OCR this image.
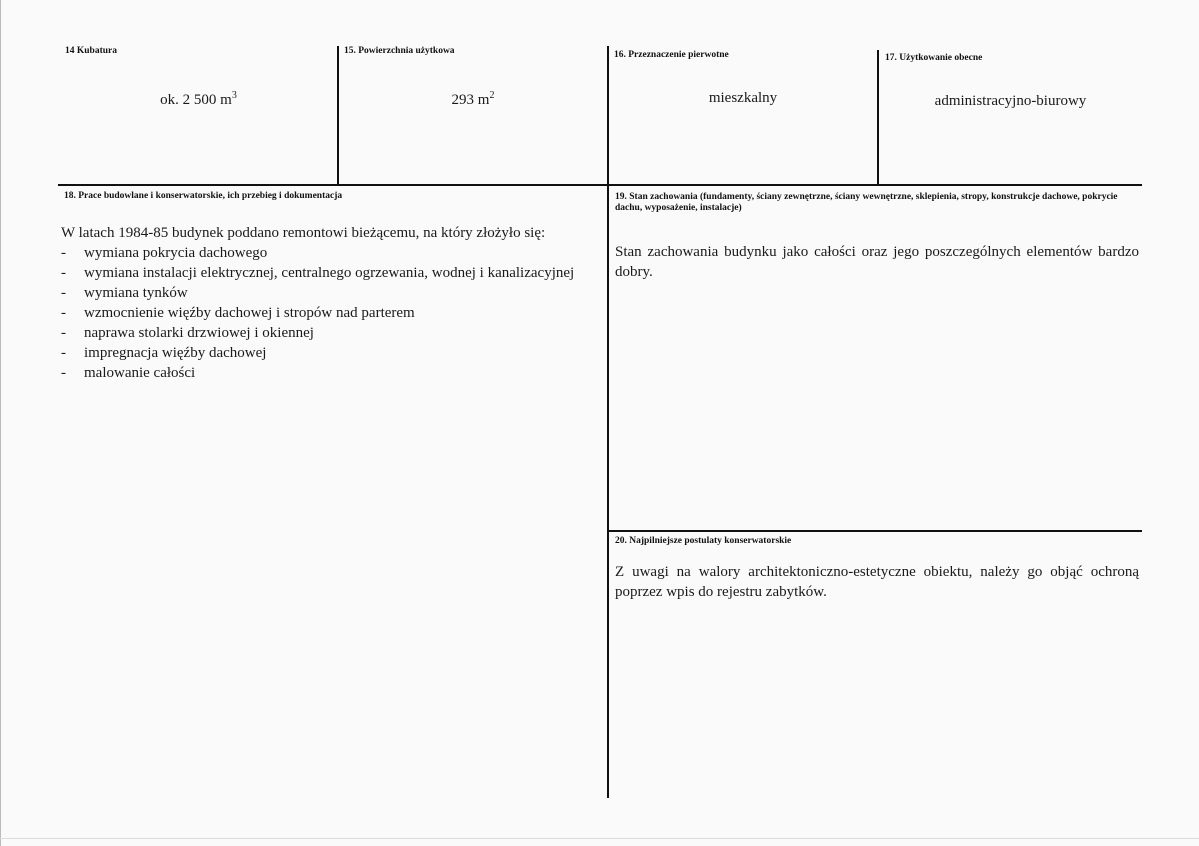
14 Kubatura
ok. 2 500 $m^3$
15. Powierzchnia użytkowa
293 $m^2$
16. Przeznaczenie pierwotne
mieszkalny
17. Użytkowanie obecne
administracyjno-biurowy
18. Prace budowlane i konserwatorskie, ich przebieg i dokumentacja
W latach 1984-85 budynek poddano remontowi bieżącemu, na który złożyło się:
- wymiana pokrycia dachowego
- wymiana instalacji elektrycznej, centralnego ogrzewania, wodnej i kanalizacyjnej
- wymiana tynków
- wzmocnienie więźby dachowej i stropów nad parterem
- naprawa stolarki drzwiowej i okiennej
- impregnacja więźby dachowej
- malowanie całości
19. Stan zachowania (fundamenty, ściany zewnętrzne, ściany wewnętrzne, sklepienia, stropy, konstrukcje dachowe, pokrycie dachu, wyposażenie, instalacje)
Stan zachowania budynku jako całości oraz jego poszczególnych elementów bardzo dobry.
20. Najpilniejsze postulaty konserwatorskie
Z uwagi na walory architektoniczno-estetyczne obiektu, należy go objąć ochroną poprzez wpis do rejestru zabytków.
